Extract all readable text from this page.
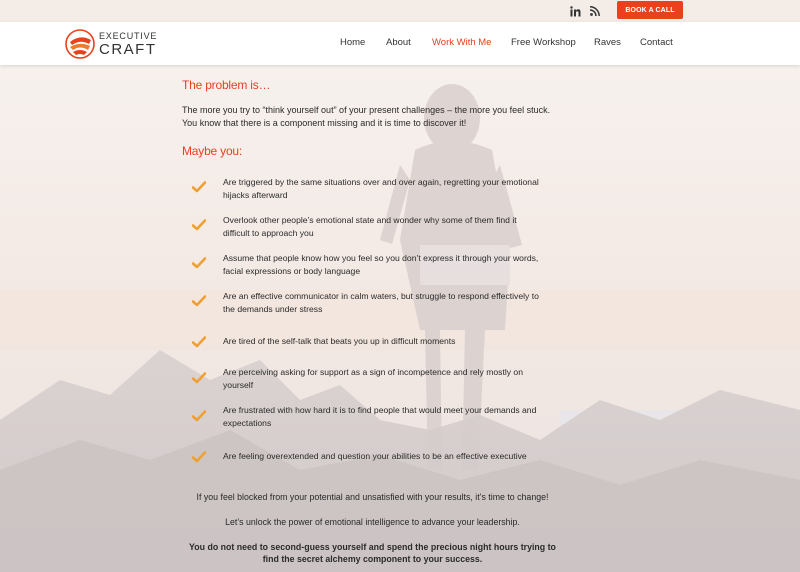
BOOK A CALL
EXECUTIVE
CRAFT	Home About Work With Me Free Workshop Raves Contact
The problem is…
The more you try to “think yourself out” of your present challenges – the more you feel stuck.
You know that there is a component missing and it is time to discover it!
Maybe you:
Are triggered by the same situations over and over again, regretting your emotional
hijacks afterward
Overlook other people’s emotional state and wonder why some of them find it
difficult to approach you
Assume that people know how you feel so you don’t express it through your words,
facial expressions or body language
Are an effective communicator in calm waters, but struggle to respond effectively to
the demands under stress
Are tired of the self-talk that beats you up in difficult moments
Are perceiving asking for support as a sign of incompetence and rely mostly on
yourself
Are frustrated with how hard it is to find people that would meet your demands and
expectations
Are feeling overextended and question your abilities to be an effective executive
If you feel blocked from your potential and unsatisfied with your results, it’s time to change!
Let’s unlock the power of emotional intelligence to advance your leadership.
You do not need to second-guess yourself and spend the precious night hours trying to
find the secret alchemy component to your success.
